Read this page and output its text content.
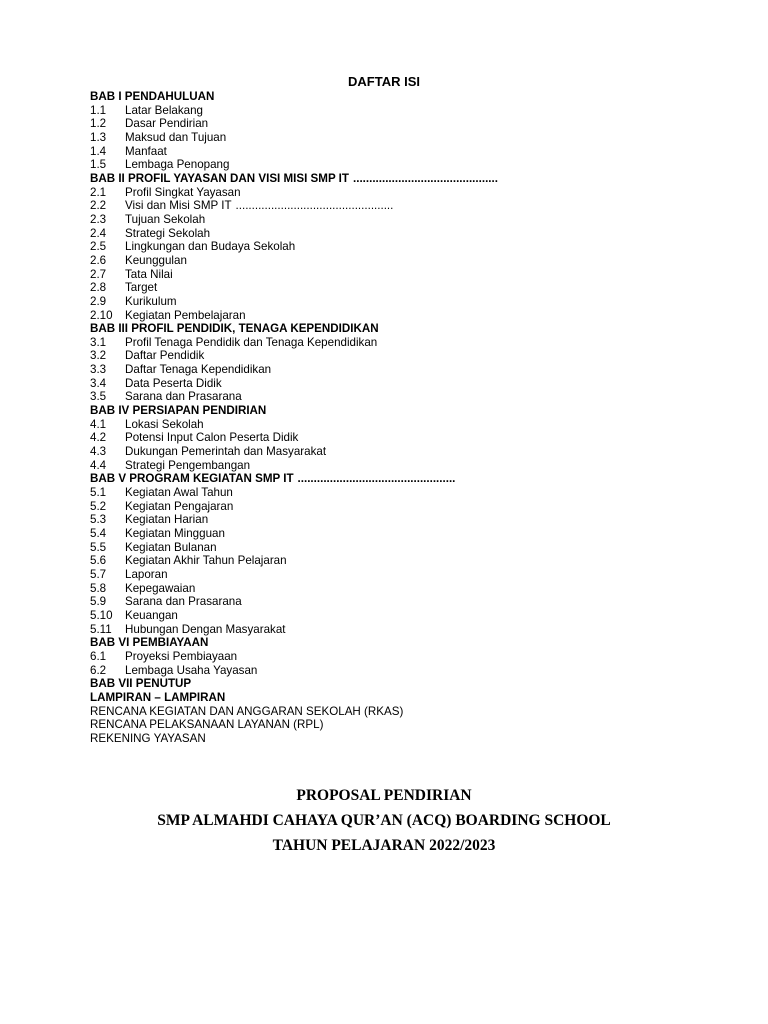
DAFTAR ISI
BAB I PENDAHULUAN
1.1	Latar Belakang
1.2	Dasar Pendirian
1.3	Maksud dan Tujuan
1.4	Manfaat
1.5	Lembaga Penopang
BAB II PROFIL YAYASAN DAN VISI MISI SMP IT .............................................
2.1	Profil Singkat Yayasan
2.2	Visi dan Misi SMP IT .................................................
2.3	Tujuan Sekolah
2.4	Strategi Sekolah
2.5	Lingkungan dan Budaya Sekolah
2.6	Keunggulan
2.7	Tata Nilai
2.8	Target
2.9	Kurikulum
2.10	Kegiatan Pembelajaran
BAB III PROFIL PENDIDIK, TENAGA KEPENDIDIKAN
3.1	Profil Tenaga Pendidik dan Tenaga Kependidikan
3.2	Daftar Pendidik
3.3	Daftar Tenaga Kependidikan
3.4	Data Peserta Didik
3.5	Sarana dan Prasarana
BAB IV PERSIAPAN PENDIRIAN
4.1	Lokasi Sekolah
4.2	Potensi Input Calon Peserta Didik
4.3	Dukungan Pemerintah dan Masyarakat
4.4	Strategi Pengembangan
BAB V PROGRAM KEGIATAN SMP IT .................................................
5.1	Kegiatan Awal Tahun
5.2	Kegiatan Pengajaran
5.3	Kegiatan Harian
5.4	Kegiatan Mingguan
5.5	Kegiatan Bulanan
5.6	Kegiatan Akhir Tahun Pelajaran
5.7	Laporan
5.8	Kepegawaian
5.9	Sarana dan Prasarana
5.10	Keuangan
5.11	Hubungan Dengan Masyarakat
BAB VI PEMBIAYAAN
6.1	Proyeksi Pembiayaan
6.2	Lembaga Usaha Yayasan
BAB VII PENUTUP
LAMPIRAN – LAMPIRAN
RENCANA KEGIATAN DAN ANGGARAN SEKOLAH (RKAS)
RENCANA PELAKSANAAN LAYANAN (RPL)
REKENING YAYASAN
PROPOSAL PENDIRIAN
SMP ALMAHDI CAHAYA QUR’AN (ACQ) BOARDING SCHOOL
TAHUN PELAJARAN 2022/2023
